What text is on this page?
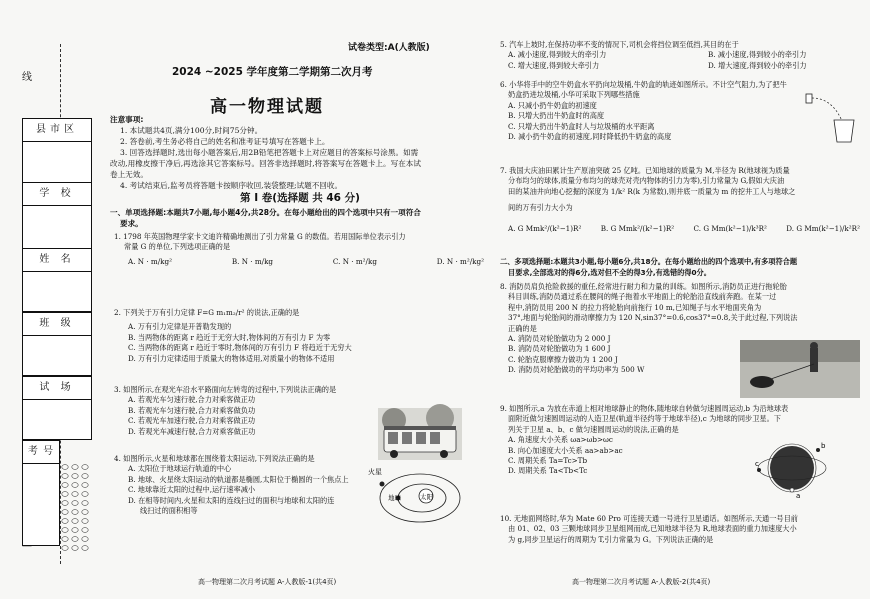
线
县市区
学 校
姓 名
班 级
试 场
考 号
试卷类型:A(人教版)
2024 ~2025 学年度第二学期第二次月考
高一物理试题

注意事项:

1. 本试题共4页,满分100分,时间75分钟。

2. 答卷前,考生务必将自己的姓名和准考证号填写在答题卡上。

3. 回答选择题时,选出每小题答案后,用2B铅笔把答题卡上对应题目的答案标号涂黑。如需

改动,用橡皮擦干净后,再选涂其它答案标号。回答非选择题时,将答案写在答题卡上。写在本试

卷上无效。

4. 考试结束后,监考员将答题卡按顺序收回,装袋整理;试题不回收。

第 Ⅰ 卷(选择题 共 46 分)

一、单项选择题:本题共7小题,每小题4分,共28分。在每小题给出的四个选项中只有一项符合

要求。

1. 1798 年英国物理学家卡文迪许精确地测出了引力常量 G 的数值。若用国际单位表示引力

常量 G 的单位,下列选项正确的是

A. N · m/kg²	B. N · m/kg	C. N · m²/kg	D. N · m²/kg²

2. 下列关于万有引力定律 F=G m₁m₂/r² 的说法,正确的是

A. 万有引力定律是开普勒发现的

B. 当两物体的距离 r 趋近于无穷大时,物体间的万有引力 F 为零

C. 当两物体的距离 r 趋近于零时,物体间的万有引力 F 将趋近于无穷大

D. 万有引力定律适用于质量大的物体适用,对质量小的物体不适用

3. 如图所示,在观光车沿水平路面向左转弯的过程中,下列说法正确的是

A. 若观光车匀速行驶,合力对乘客做正功

B. 若观光车匀速行驶,合力对乘客做负功

C. 若观光车加速行驶,合力对乘客做正功

D. 若观光车减速行驶,合力对乘客做正功

4. 如图所示,火星和地球都在围绕着太阳运动,下列说法正确的是

A. 太阳位于地球运行轨道的中心

B. 地球、火星绕太阳运动的轨道都是椭圆,太阳位于椭圆的一个焦点上

C. 地球靠近太阳的过程中,运行速率减小

D. 在相等时间内,火星和太阳的连线扫过的面积与地球和太阳的连

线扫过的面积相等

火星
地球	太阳
高一物理第二次月考试题 A-人教版-1(共4页)

5. 汽车上坡时,在保持功率不变的情况下,司机会将挡位调至低挡,其目的在于

A. 减小速度,得到较大的牵引力	B. 减小速度,得到较小的牵引力
C. 增大速度,得到较大牵引力	D. 增大速度,得到较小的牵引力

6. 小华将手中的空牛奶盒水平扔向垃圾桶,牛奶盒的轨迹如图所示。不计空气阻力,为了把牛

奶盒扔进垃圾桶,小华可采取下列哪些措施

A. 只减小扔牛奶盒的初速度

B. 只增大扔出牛奶盒时的高度

C. 只增大扔出牛奶盒时人与垃圾桶的水平距离

D. 减小扔牛奶盒的初速度,同时降低扔牛奶盒的高度

7. 我国大庆油田累计生产原油突破 25 亿吨。已知地球的质量为 M,半径为 R(地球视为质量

分布均匀的球体,质量分布均匀的球壳对壳内物体的引力为零),引力常量为 G,假如大庆油

田的某油井向地心挖掘的深度为 1/k² R(k 为常数),则井底一质量为 m 的挖井工人与地球之

间的万有引力大小为

A. G Mmk²/(k²−1)R²	B. G Mmk²/(k²−1)R²	C. G Mm(k²−1)/k³R²	D. G Mm(k²−1)/k²R²

二、多项选择题:本题共3小题,每小题6分,共18分。在每小题给出的四个选项中,有多项符合题

目要求,全部选对的得6分,选对但不全的得3分,有选错的得0分。

8. 消防员肩负抢险救援的重任,经常进行耐力和力量的训练。如图所示,消防员正进行拖轮胎

科目训练,消防员通过系在腰间的绳子拖着水平地面上的轮胎沿直线前奔跑。在某一过

程中,消防员用 200 N 的拉力将轮胎向前拖行 10 m,已知绳子与水平地面夹角为

37°,地面与轮胎间的滑动摩擦力为 120 N,sin37°=0.6,cos37°=0.8,关于此过程,下列说法

正确的是

A. 消防员对轮胎做功为 2 000 J

B. 消防员对轮胎做功为 1 600 J

C. 轮胎克服摩擦力做功为 1 200 J

D. 消防员对轮胎做功的平均功率为 500 W

9. 如图所示,a 为放在赤道上相对地球静止的物体,随地球自转做匀速圆周运动,b 为沿地球表

面附近做匀速圆周运动的人造卫星(轨道半径约等于地球半径),c 为地球的同步卫星。下

列关于卫星 a、b、c 做匀速圆周运动的说法,正确的是

A. 角速度大小关系 ωa>ωb>ωc

B. 向心加速度大小关系 aa>ab>ac

C. 周期关系 Ta=Tc>Tb

D. 周期关系 Ta<Tb<Tc

b
c
a

10. 无地面网络时,华为 Mate 60 Pro 可连接天通一号进行卫星通话。如图所示,天通一号目前

由 01、02、03 三颗地球同步卫星组网而成,已知地球半径为 R,地球表面的重力加速度大小

为 g,同步卫星运行的周期为 T,引力常量为 G。下列说法正确的是

高一物理第二次月考试题 A-人教版-2(共4页)
